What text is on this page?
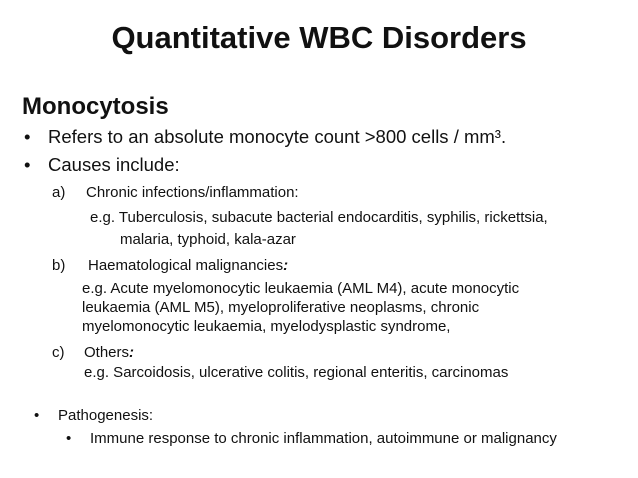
Quantitative WBC Disorders
Monocytosis
• Refers to an absolute monocyte count >800 cells / mm³.
• Causes include:
a) Chronic infections/inflammation:
e.g. Tuberculosis, subacute bacterial endocarditis, syphilis, rickettsia,
malaria, typhoid, kala-azar
b) Haematological malignancies:
e.g. Acute myelomonocytic leukaemia (AML M4), acute monocytic
leukaemia (AML M5), myeloproliferative neoplasms, chronic
myelomonocytic leukaemia, myelodysplastic syndrome,
c) Others:
e.g. Sarcoidosis, ulcerative colitis, regional enteritis, carcinomas
• Pathogenesis:
• Immune response to chronic inflammation, autoimmune or malignancy
